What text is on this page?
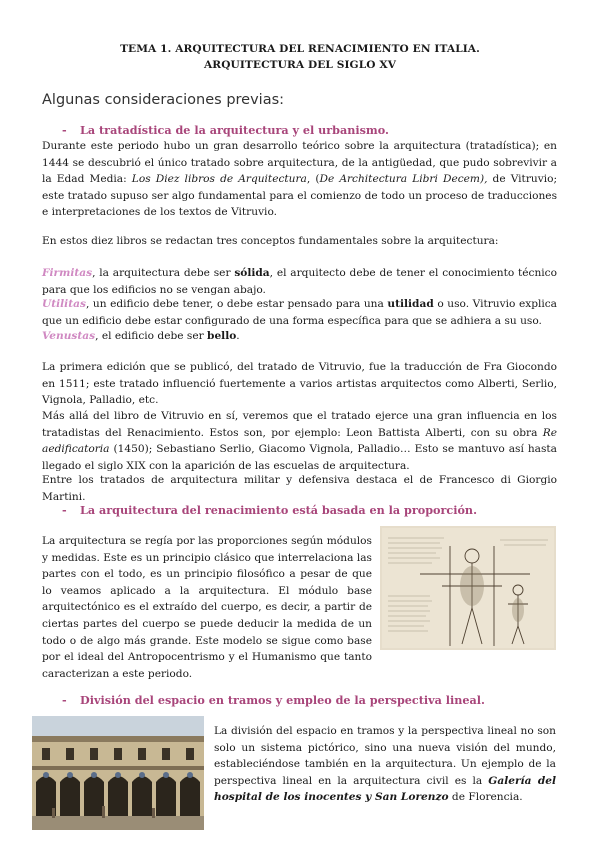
TEMA 1. ARQUITECTURA DEL RENACIMIENTO EN ITALIA.
ARQUITECTURA DEL SIGLO XV
Algunas consideraciones previas:
- La tratadística de la arquitectura y el urbanismo.
Durante este periodo hubo un gran desarrollo teórico sobre la arquitectura (tratadística); en 1444 se descubrió el único tratado sobre arquitectura, de la antigüedad, que pudo sobrevivir a la Edad Media: Los Diez libros de Arquitectura, (De Architectura Libri Decem), de Vitruvio; este tratado supuso ser algo fundamental para el comienzo de todo un proceso de traducciones e interpretaciones de los textos de Vitruvio.
En estos diez libros se redactan tres conceptos fundamentales sobre la arquitectura:
Firmitas, la arquitectura debe ser sólida, el arquitecto debe de tener el conocimiento técnico para que los edificios no se vengan abajo.
Utilitas, un edificio debe tener, o debe estar pensado para una utilidad o uso. Vitruvio explica que un edificio debe estar configurado de una forma específica para que se adhiera a su uso.
Venustas, el edificio debe ser bello.
La primera edición que se publicó, del tratado de Vitruvio, fue la traducción de Fra Giocondo en 1511; este tratado influenció fuertemente a varios artistas arquitectos como Alberti, Serlio, Vignola, Palladio, etc.
Más allá del libro de Vitruvio en sí, veremos que el tratado ejerce una gran influencia en los tratadistas del Renacimiento. Estos son, por ejemplo: Leon Battista Alberti, con su obra Re aedificatoria (1450); Sebastiano Serlio, Giacomo Vignola, Palladio… Esto se mantuvo así hasta llegado el siglo XIX con la aparición de las escuelas de arquitectura.
Entre los tratados de arquitectura militar y defensiva destaca el de Francesco di Giorgio Martini.
- La arquitectura del renacimiento está basada en la proporción.
La arquitectura se regía por las proporciones según módulos y medidas. Este es un principio clásico que interrelaciona las partes con el todo, es un principio filosófico a pesar de que lo veamos aplicado a la arquitectura. El módulo base arquitectónico es el extraído del cuerpo, es decir, a partir de ciertas partes del cuerpo se puede deducir la medida de un todo o de algo más grande. Este modelo se sigue como base por el ideal del Antropocentrismo y el Humanismo que tanto caracterizan a este periodo.
- División del espacio en tramos y empleo de la perspectiva lineal.
La división del espacio en tramos y la perspectiva lineal no son solo un sistema pictórico, sino una nueva visión del mundo, estableciéndose también en la arquitectura. Un ejemplo de la perspectiva lineal en la arquitectura civil es la Galería del hospital de los inocentes y San Lorenzo de Florencia.
